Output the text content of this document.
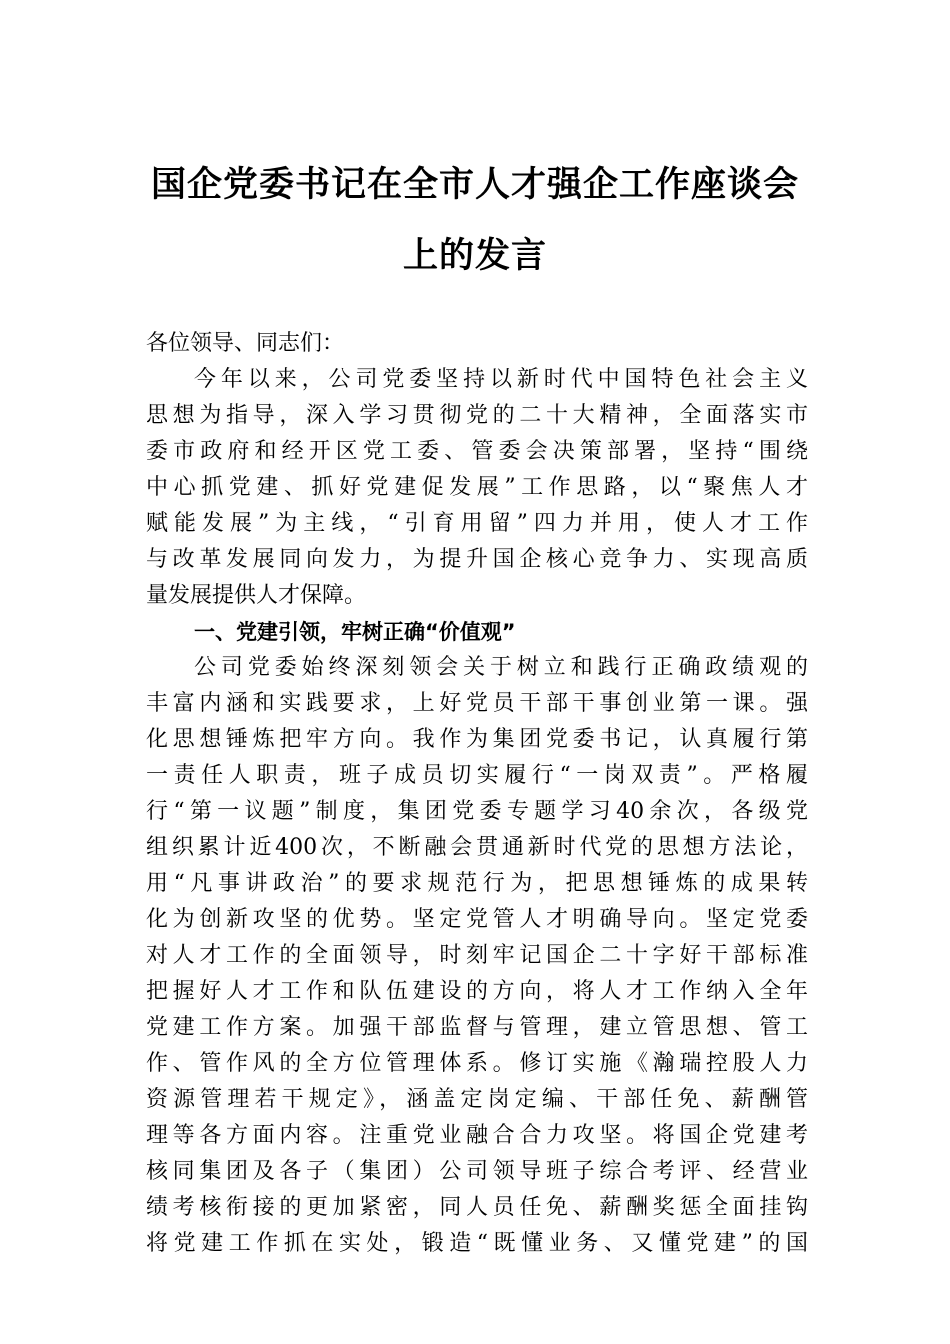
国企党委书记在全市人才强企工作座谈会
上的发言
各位领导、同志们：
今年以来，公司党委坚持以新时代中国特色社会主义
思想为指导，深入学习贯彻党的二十大精神，全面落实市
委市政府和经开区党工委、管委会决策部署，坚持“围绕
中心抓党建、抓好党建促发展”工作思路，以“聚焦人才
赋能发展”为主线，“引育用留”四力并用，使人才工作
与改革发展同向发力，为提升国企核心竞争力、实现高质
量发展提供人才保障。
一、党建引领，牢树正确“价值观”
公司党委始终深刻领会关于树立和践行正确政绩观的
丰富内涵和实践要求，上好党员干部干事创业第一课。强
化思想锤炼把牢方向。我作为集团党委书记，认真履行第
一责任人职责，班子成员切实履行“一岗双责”。严格履
行“第一议题”制度，集团党委专题学习40余次，各级党
组织累计近400次，不断融会贯通新时代党的思想方法论，
用“凡事讲政治”的要求规范行为，把思想锤炼的成果转
化为创新攻坚的优势。坚定党管人才明确导向。坚定党委
对人才工作的全面领导，时刻牢记国企二十字好干部标准
把握好人才工作和队伍建设的方向，将人才工作纳入全年
党建工作方案。加强干部监督与管理，建立管思想、管工
作、管作风的全方位管理体系。修订实施《瀚瑞控股人力
资源管理若干规定》，涵盖定岗定编、干部任免、薪酬管
理等各方面内容。注重党业融合合力攻坚。将国企党建考
核同集团及各子（集团）公司领导班子综合考评、经营业
绩考核衔接的更加紧密，同人员任免、薪酬奖惩全面挂钩
将党建工作抓在实处，锻造“既懂业务、又懂党建”的国
